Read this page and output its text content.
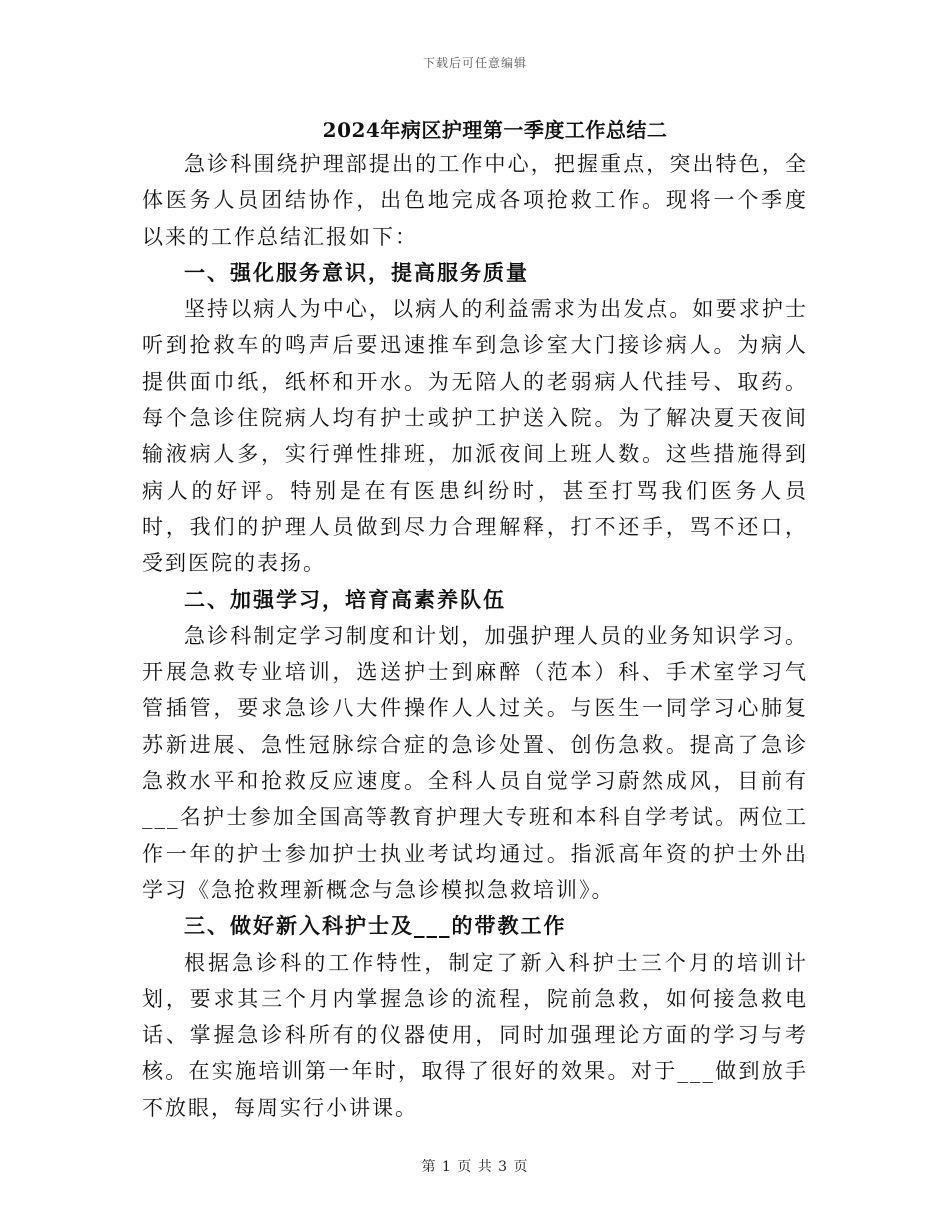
下载后可任意编辑
2024年病区护理第一季度工作总结二

急诊科围绕护理部提出的工作中心，把握重点，突出特色，全体医务人员团结协作，出色地完成各项抢救工作。现将一个季度以来的工作总结汇报如下：

一、强化服务意识，提高服务质量

坚持以病人为中心，以病人的利益需求为出发点。如要求护士听到抢救车的鸣声后要迅速推车到急诊室大门接诊病人。为病人提供面巾纸，纸杯和开水。为无陪人的老弱病人代挂号、取药。每个急诊住院病人均有护士或护工护送入院。为了解决夏天夜间输液病人多，实行弹性排班，加派夜间上班人数。这些措施得到病人的好评。特别是在有医患纠纷时，甚至打骂我们医务人员时，我们的护理人员做到尽力合理解释，打不还手，骂不还口，受到医院的表扬。

二、加强学习，培育高素养队伍

急诊科制定学习制度和计划，加强护理人员的业务知识学习。开展急救专业培训，选送护士到麻醉（范本）科、手术室学习气管插管，要求急诊八大件操作人人过关。与医生一同学习心肺复苏新进展、急性冠脉综合症的急诊处置、创伤急救。提高了急诊急救水平和抢救反应速度。全科人员自觉学习蔚然成风，目前有___名护士参加全国高等教育护理大专班和本科自学考试。两位工作一年的护士参加护士执业考试均通过。指派高年资的护士外出学习《急抢救理新概念与急诊模拟急救培训》。

三、做好新入科护士及___的带教工作

根据急诊科的工作特性，制定了新入科护士三个月的培训计划，要求其三个月内掌握急诊的流程，院前急救，如何接急救电话、掌握急诊科所有的仪器使用，同时加强理论方面的学习与考核。在实施培训第一年时，取得了很好的效果。对于___做到放手不放眼，每周实行小讲课。

第 1 页 共 3 页
